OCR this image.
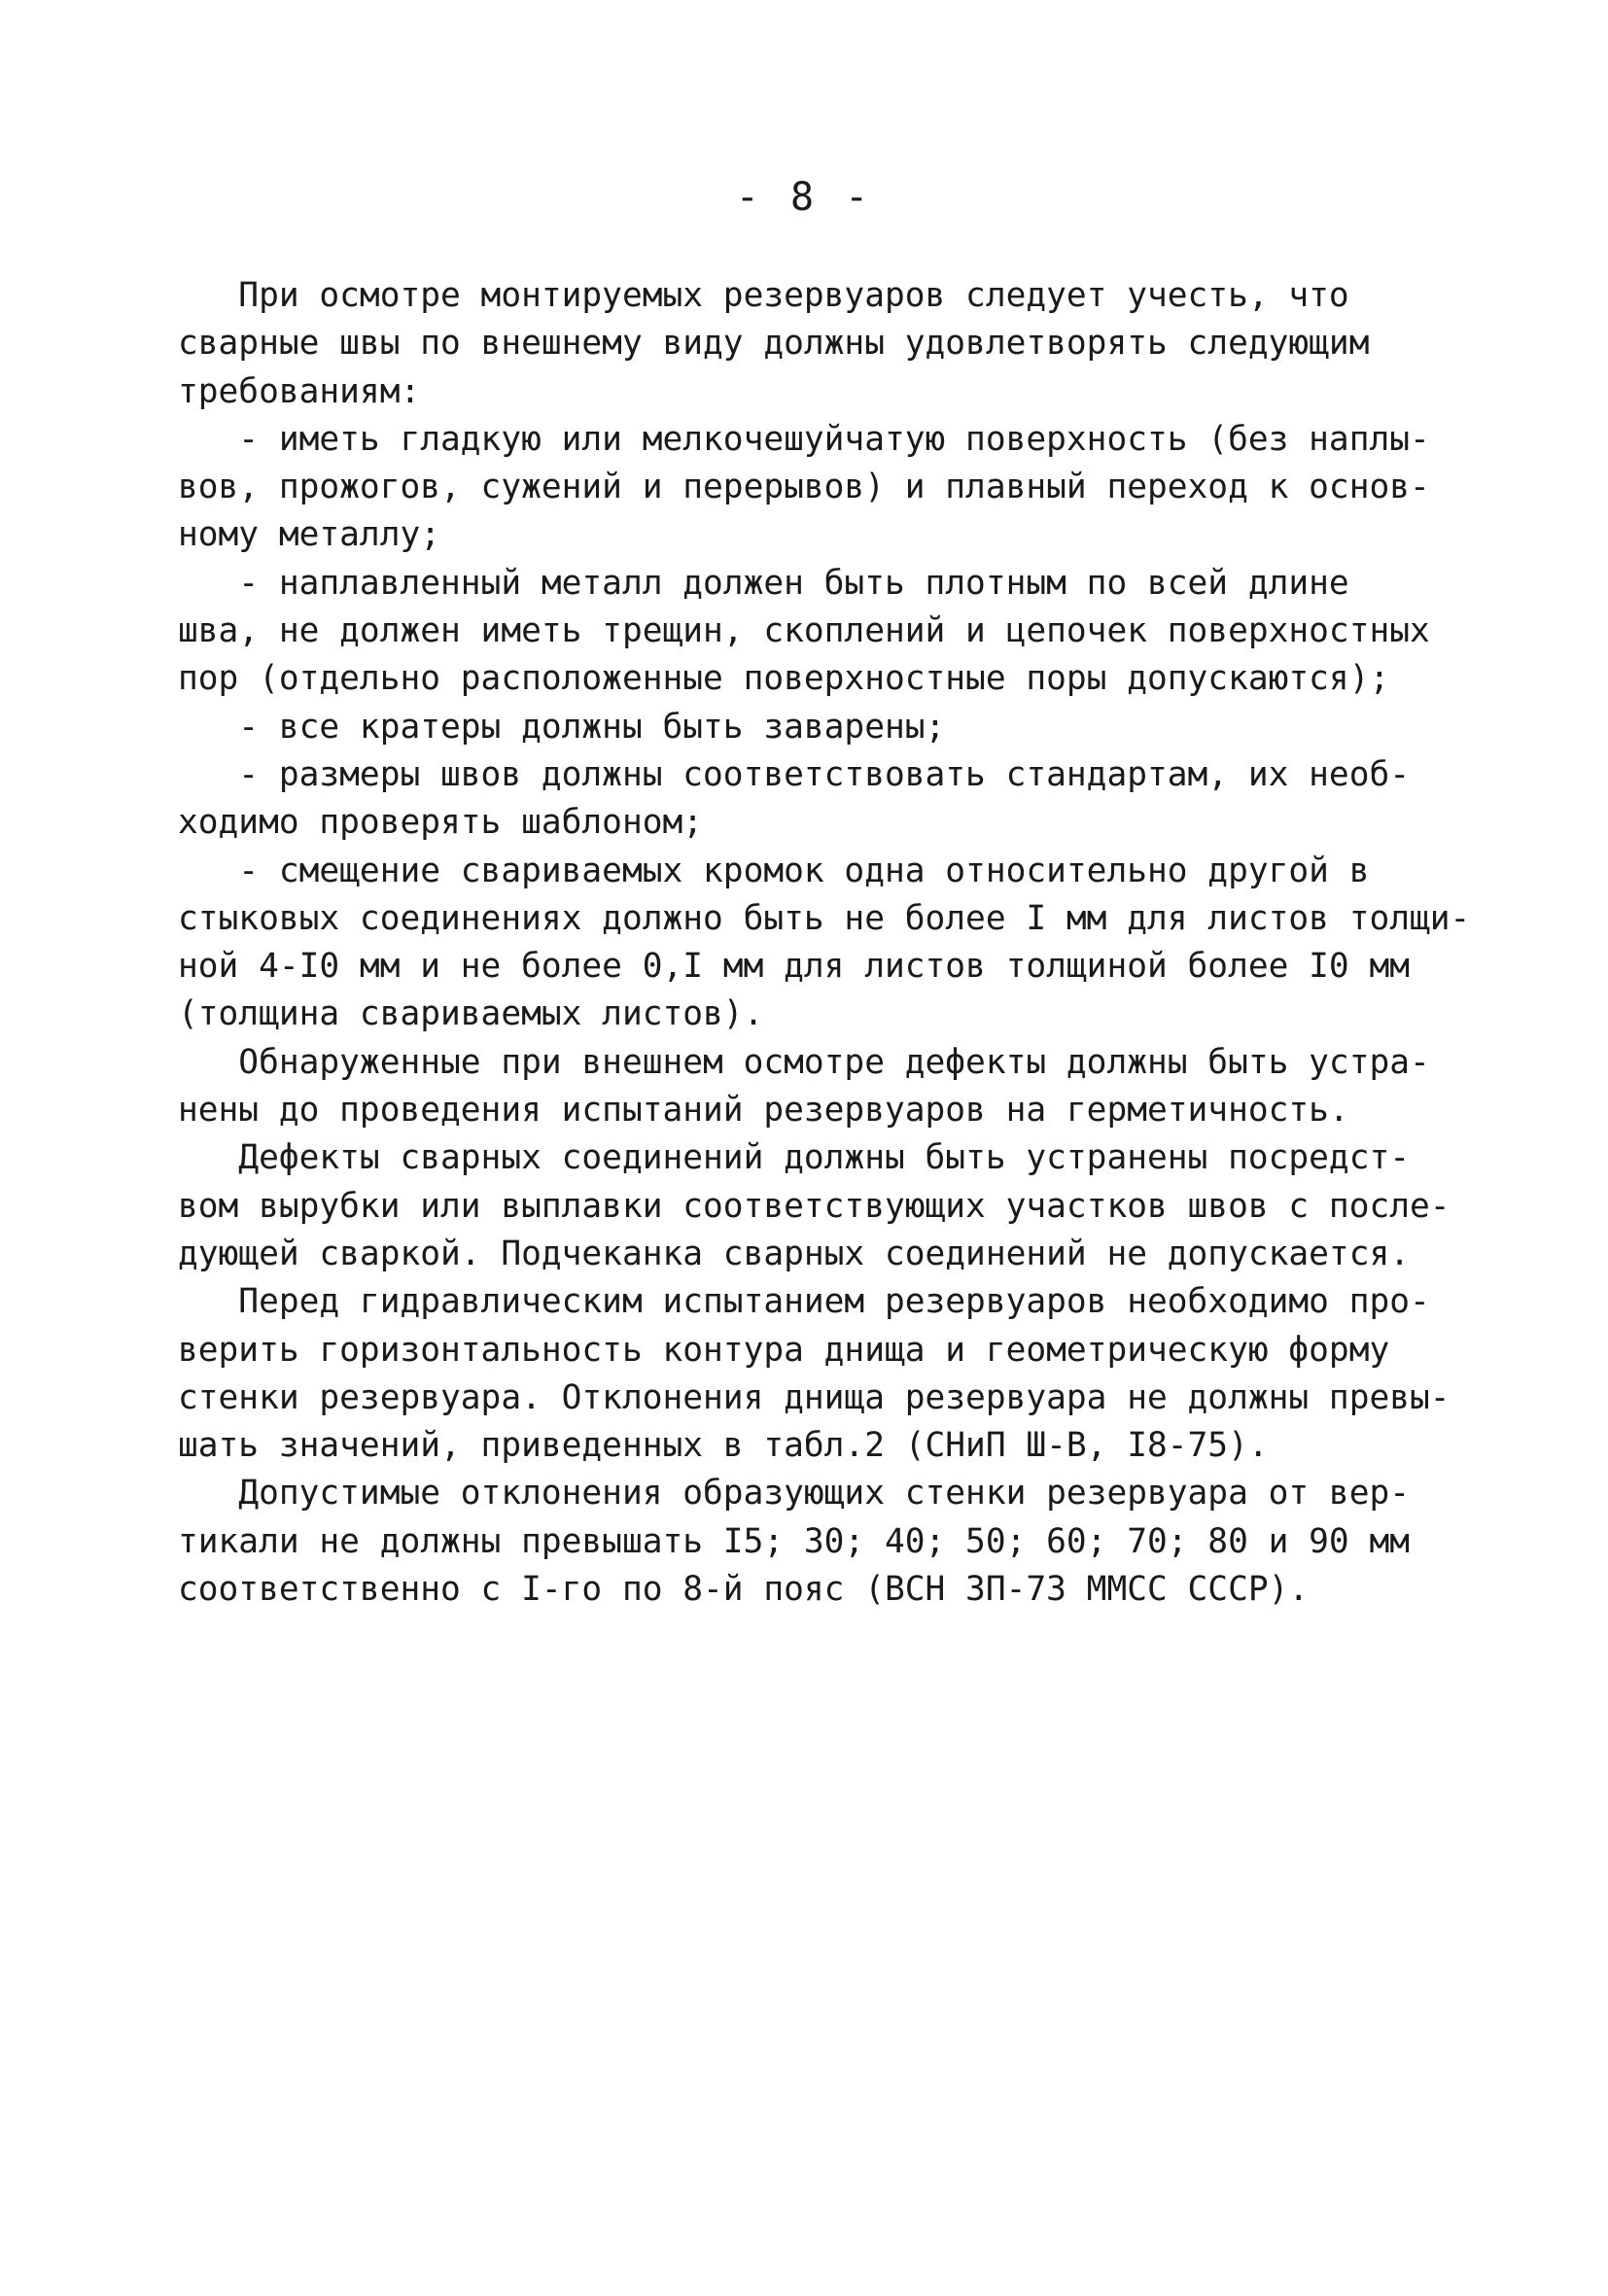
- 8 -
При осмотре монтируемых резервуаров следует учесть, что
сварные швы по внешнему виду должны удовлетворять следующим
требованиям:
- иметь гладкую или мелкочешуйчатую поверхность (без наплы-
вов, прожогов, сужений и перерывов) и плавный переход к основ-
ному металлу;
- наплавленный металл должен быть плотным по всей длине
шва, не должен иметь трещин, скоплений и цепочек поверхностных
пор (отдельно расположенные поверхностные поры допускаются);
- все кратеры должны быть заварены;
- размеры швов должны соответствовать стандартам, их необ-
ходимо проверять шаблоном;
- смещение свариваемых кромок одна относительно другой в
стыковых соединениях должно быть не более I мм для листов толщи-
ной 4-I0 мм и не более 0,I мм для листов толщиной более I0 мм
(толщина свариваемых листов).
Обнаруженные при внешнем осмотре дефекты должны быть устра-
нены до проведения испытаний резервуаров на герметичность.
Дефекты сварных соединений должны быть устранены посредст-
вом вырубки или выплавки соответствующих участков швов с после-
дующей сваркой. Подчеканка сварных соединений не допускается.
Перед гидравлическим испытанием резервуаров необходимо про-
верить горизонтальность контура днища и геометрическую форму
стенки резервуара. Отклонения днища резервуара не должны превы-
шать значений, приведенных в табл.2 (СНиП Ш-В, I8-75).
Допустимые отклонения образующих стенки резервуара от вер-
тикали не должны превышать I5; 30; 40; 50; 60; 70; 80 и 90 мм
соответственно с I-го по 8-й пояс (ВСН 3П-73 ММСС СССР).
